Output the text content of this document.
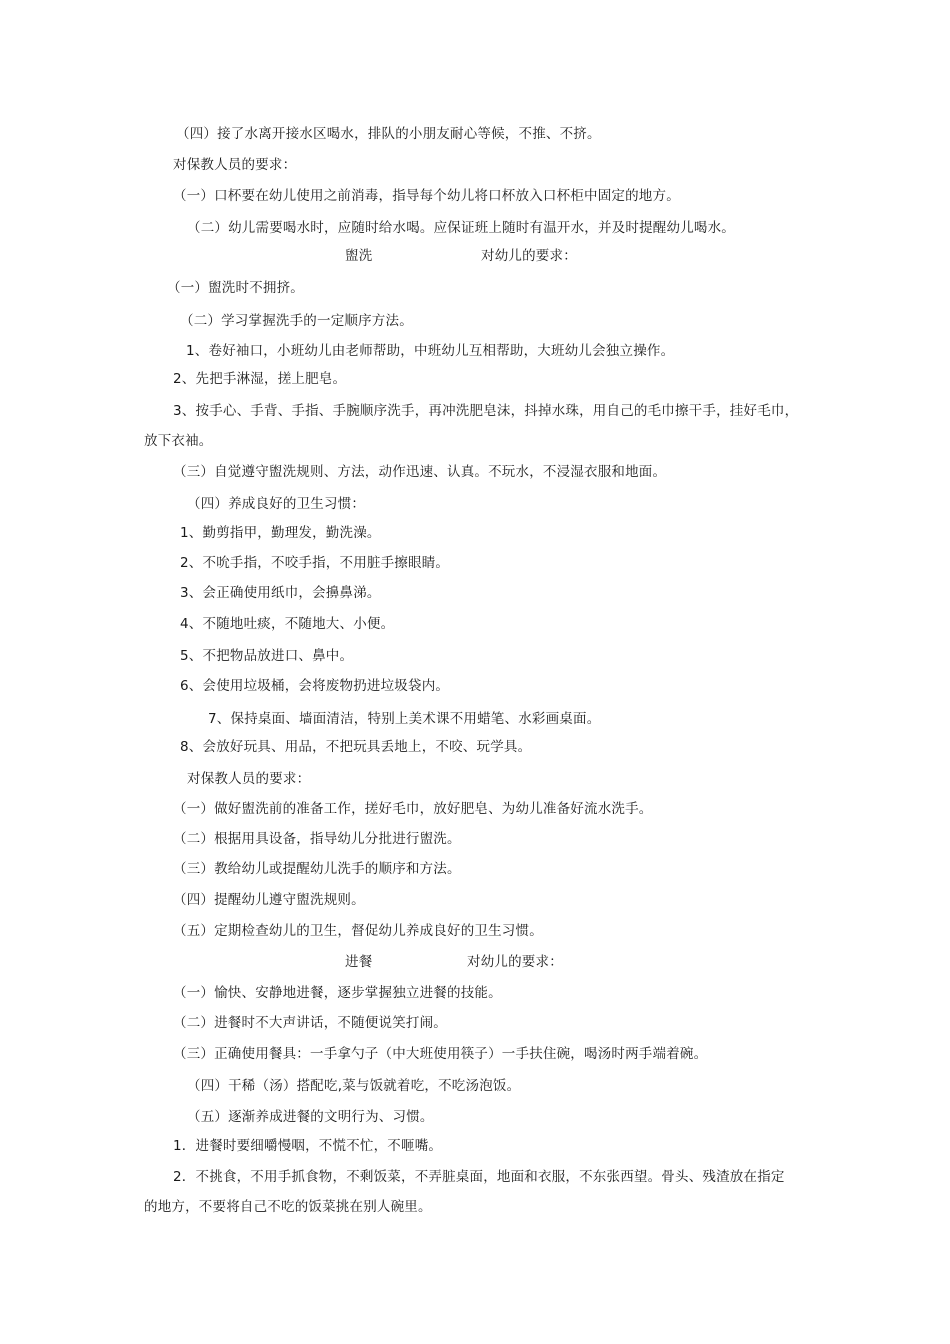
（四）接了水离开接水区喝水，排队的小朋友耐心等候，不推、不挤。
对保教人员的要求：
（一）口杯要在幼儿使用之前消毒，指导每个幼儿将口杯放入口杯柜中固定的地方。
（二）幼儿需要喝水时，应随时给水喝。应保证班上随时有温开水，并及时提醒幼儿喝水。
盥洗	对幼儿的要求：
（一）盥洗时不拥挤。
（二）学习掌握洗手的一定顺序方法。
1、卷好袖口，小班幼儿由老师帮助，中班幼儿互相帮助，大班幼儿会独立操作。
2、先把手淋湿，搓上肥皂。
3、按手心、手背、手指、手腕顺序洗手，再冲洗肥皂沫，抖掉水珠，用自己的毛巾擦干手，挂好毛巾，
放下衣袖。
（三）自觉遵守盥洗规则、方法，动作迅速、认真。不玩水，不浸湿衣服和地面。
（四）养成良好的卫生习惯：
1、勤剪指甲，勤理发，勤洗澡。
2、不吮手指，不咬手指，不用脏手擦眼睛。
3、会正确使用纸巾，会擤鼻涕。
4、不随地吐痰，不随地大、小便。
5、不把物品放进口、鼻中。
6、会使用垃圾桶，会将废物扔进垃圾袋内。
7、保持桌面、墙面清洁，特别上美术课不用蜡笔、水彩画桌面。
8、会放好玩具、用品，不把玩具丢地上，不咬、玩学具。
对保教人员的要求：
（一）做好盥洗前的准备工作，搓好毛巾，放好肥皂、为幼儿准备好流水洗手。
（二）根据用具设备，指导幼儿分批进行盥洗。
（三）教给幼儿或提醒幼儿洗手的顺序和方法。
（四）提醒幼儿遵守盥洗规则。
（五）定期检查幼儿的卫生，督促幼儿养成良好的卫生习惯。
进餐	对幼儿的要求：
（一）愉快、安静地进餐，逐步掌握独立进餐的技能。
（二）进餐时不大声讲话，不随便说笑打闹。
（三）正确使用餐具：一手拿勺子（中大班使用筷子）一手扶住碗，喝汤时两手端着碗。
（四）干稀（汤）搭配吃,菜与饭就着吃，不吃汤泡饭。
（五）逐渐养成进餐的文明行为、习惯。
1．进餐时要细嚼慢咽，不慌不忙，不咂嘴。
2．不挑食，不用手抓食物，不剩饭菜，不弄脏桌面，地面和衣服，不东张西望。骨头、残渣放在指定
的地方，不要将自己不吃的饭菜挑在别人碗里。
